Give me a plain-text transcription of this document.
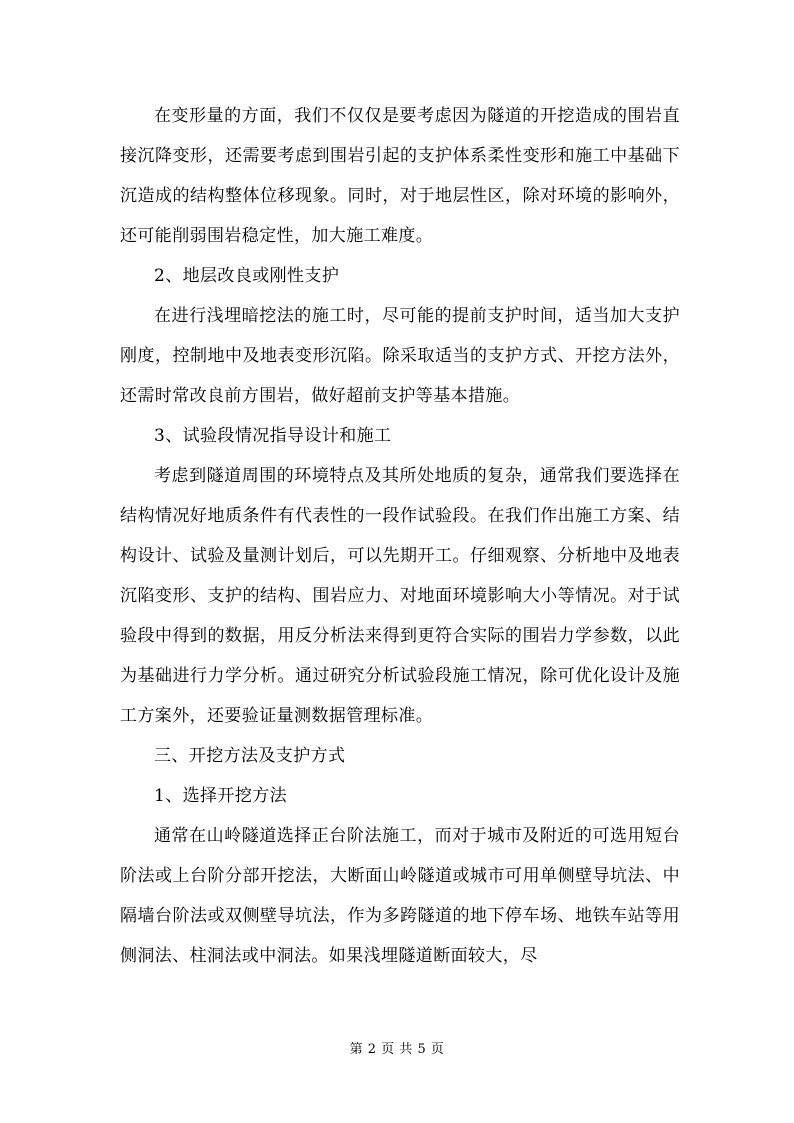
在变形量的方面，我们不仅仅是要考虑因为隧道的开挖造成的围岩直接沉降变形，还需要考虑到围岩引起的支护体系柔性变形和施工中基础下沉造成的结构整体位移现象。同时，对于地层性区，除对环境的影响外，还可能削弱围岩稳定性，加大施工难度。

2、地层改良或刚性支护

在进行浅埋暗挖法的施工时，尽可能的提前支护时间，适当加大支护刚度，控制地中及地表变形沉陷。除采取适当的支护方式、开挖方法外，还需时常改良前方围岩，做好超前支护等基本措施。

3、试验段情况指导设计和施工

考虑到隧道周围的环境特点及其所处地质的复杂，通常我们要选择在结构情况好地质条件有代表性的一段作试验段。在我们作出施工方案、结构设计、试验及量测计划后，可以先期开工。仔细观察、分析地中及地表沉陷变形、支护的结构、围岩应力、对地面环境影响大小等情况。对于试验段中得到的数据，用反分析法来得到更符合实际的围岩力学参数，以此为基础进行力学分析。通过研究分析试验段施工情况，除可优化设计及施工方案外，还要验证量测数据管理标准。

三、开挖方法及支护方式

1、选择开挖方法

通常在山岭隧道选择正台阶法施工，而对于城市及附近的可选用短台阶法或上台阶分部开挖法，大断面山岭隧道或城市可用单侧壁导坑法、中隔墙台阶法或双侧壁导坑法，作为多跨隧道的地下停车场、地铁车站等用侧洞法、柱洞法或中洞法。如果浅埋隧道断面较大，尽

第 2 页 共 5 页
